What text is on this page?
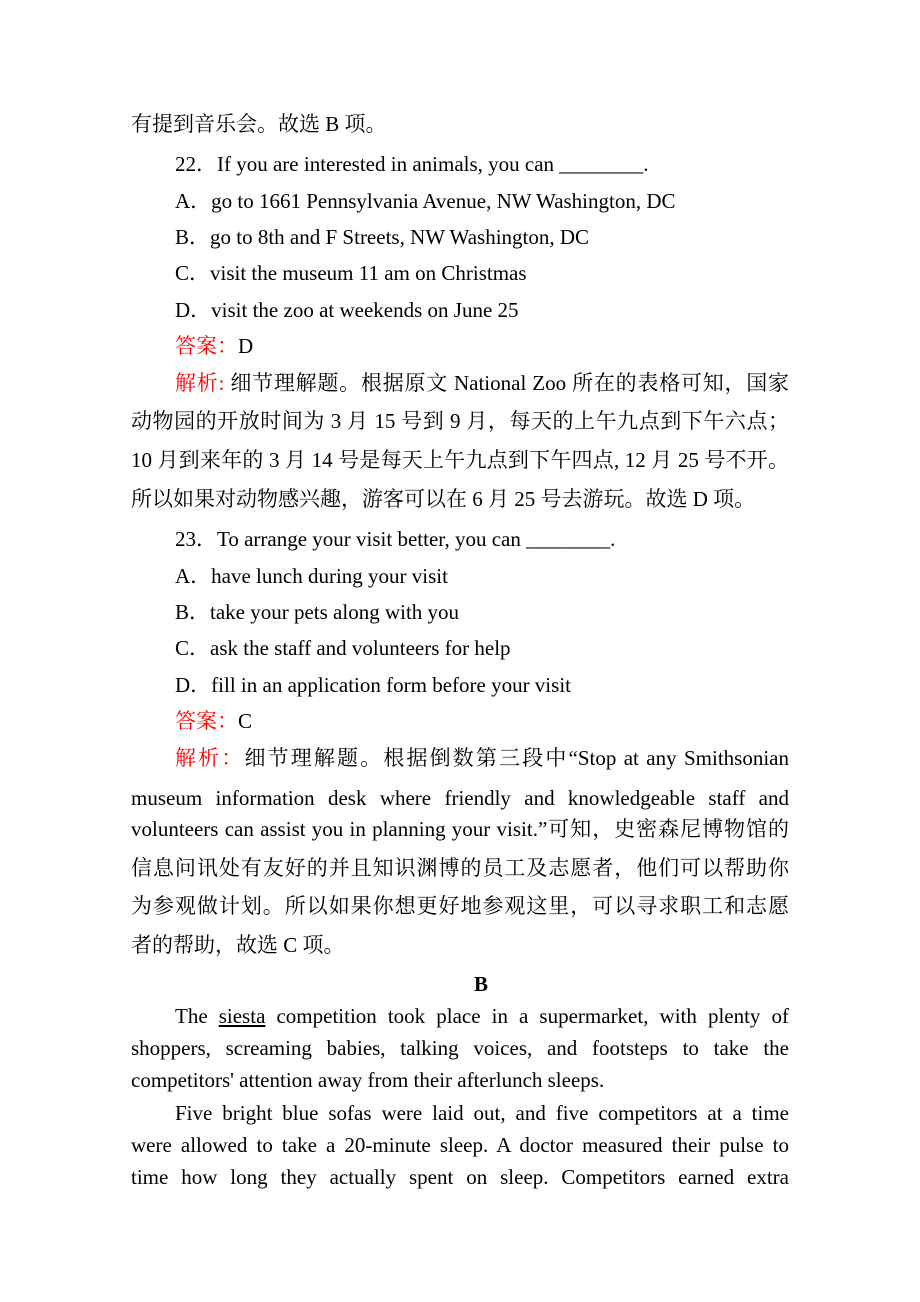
有提到音乐会。故选 B 项。
22．If you are interested in animals, you can ________.
A．go to 1661 Pennsylvania Avenue, NW Washington, DC
B．go to 8th and F Streets, NW Washington, DC
C．visit the museum 11 am on Christmas
D．visit the zoo at weekends on June 25
答案：D
解析: 细节理解题。根据原文 National Zoo 所在的表格可知，国家
动物园的开放时间为 3 月 15 号到 9 月，每天的上午九点到下午六点；
10 月到来年的 3 月 14 号是每天上午九点到下午四点, 12 月 25 号不开。
所以如果对动物感兴趣，游客可以在 6 月 25 号去游玩。故选 D 项。
23．To arrange your visit better, you can ________.
A．have lunch during your visit
B．take your pets along with you
C．ask the staff and volunteers for help
D．fill in an application form before your visit
答案：C
解析：细节理解题。根据倒数第三段中“Stop at any Smithsonian
museum information desk where friendly and knowledgeable staff and
volunteers can assist you in planning your visit.”可知，史密森尼博物馆的
信息问讯处有友好的并且知识渊博的员工及志愿者，他们可以帮助你
为参观做计划。所以如果你想更好地参观这里，可以寻求职工和志愿
者的帮助，故选 C 项。
B
The siesta competition took place in a supermarket, with plenty of
shoppers, screaming babies, talking voices, and footsteps to take the
competitors' attention away from their afterlunch sleeps.
Five bright blue sofas were laid out, and five competitors at a time
were allowed to take a 20-minute sleep. A doctor measured their pulse to
time how long they actually spent on sleep. Competitors earned extra
